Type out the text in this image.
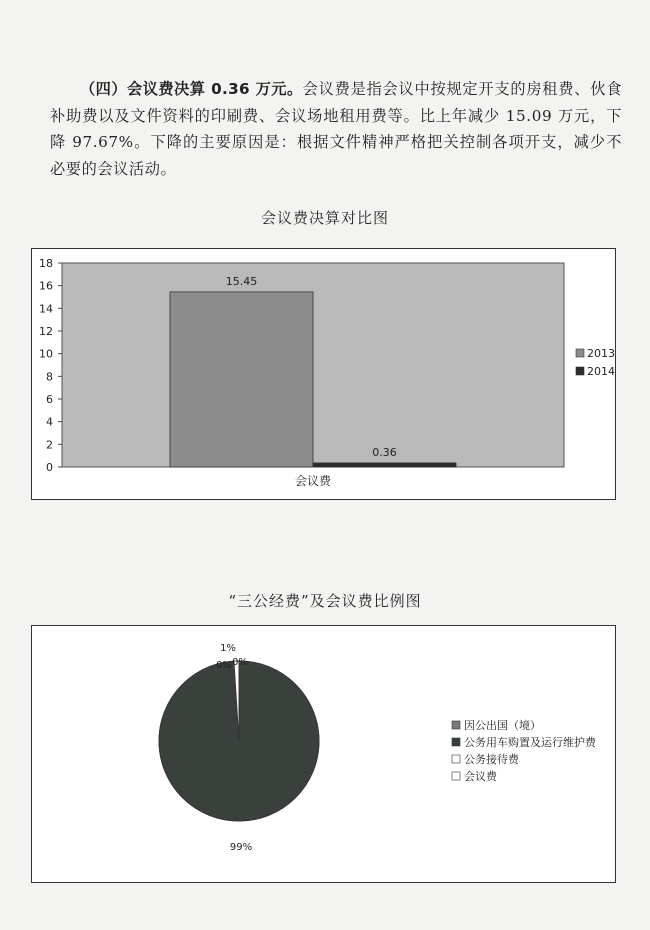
（四）会议费决算 0.36 万元。会议费是指会议中按规定开支的房租费、伙食补助费以及文件资料的印刷费、会议场地租用费等。比上年减少 15.09 万元，下降 97.67%。下降的主要原因是：根据文件精神严格把关控制各项开支，减少不必要的会议活动。

会议费决算对比图
0
2
4
6
8
10
12
14
16
18
15.45
0.36
会议费
2013
2014
“三公经费”及会议费比例图
0%
99%
1%
0%
因公出国（境）
公务用车购置及运行维护费
公务接待费
会议费
